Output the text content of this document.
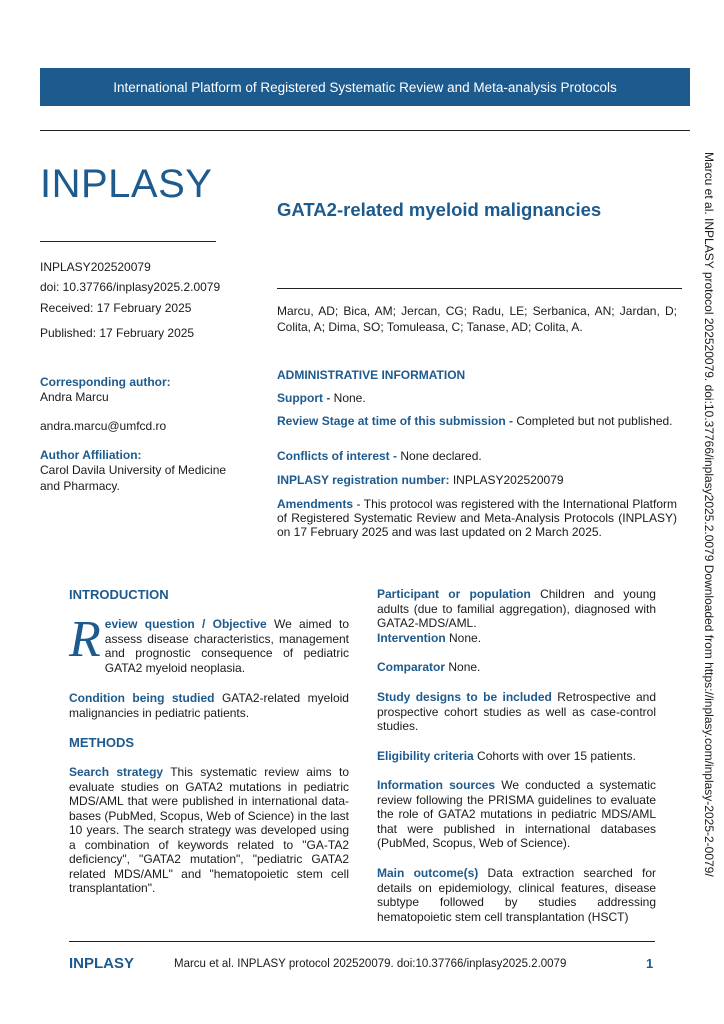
International Platform of Registered Systematic Review and Meta-analysis Protocols
INPLASY
INPLASY202520079
doi: 10.37766/inplasy2025.2.0079
Received: 17 February 2025
Published: 17 February 2025
GATA2-related myeloid malignancies
Marcu, AD; Bica, AM; Jercan, CG; Radu, LE; Serbanica, AN; Jardan, D; Colita, A; Dima, SO; Tomuleasa, C; Tanase, AD; Colita, A.
Corresponding author:
Andra Marcu
andra.marcu@umfcd.ro
Author Affiliation:
Carol Davila University of Medicine and Pharmacy.
ADMINISTRATIVE INFORMATION
Support - None.
Review Stage at time of this submission - Completed but not published.
Conflicts of interest - None declared.
INPLASY registration number: INPLASY202520079
Amendments - This protocol was registered with the International Platform of Registered Systematic Review and Meta-Analysis Protocols (INPLASY) on 17 February 2025 and was last updated on 2 March 2025.
INTRODUCTION
Review question / Objective We aimed to assess disease characteristics, management and prognostic consequence of pediatric GATA2 myeloid neoplasia.
Condition being studied GATA2-related myeloid malignancies in pediatric patients.
METHODS
Search strategy This systematic review aims to evaluate studies on GATA2 mutations in pediatric MDS/AML that were published in international data-bases (PubMed, Scopus, Web of Science) in the last 10 years. The search strategy was developed using a combination of keywords related to "GA-TA2 deficiency", "GATA2 mutation", "pediatric GATA2 related MDS/AML" and "hematopoietic stem cell transplantation".
Participant or population Children and young adults (due to familial aggregation), diagnosed with GATA2-MDS/AML.
Intervention None.
Comparator None.
Study designs to be included Retrospective and prospective cohort studies as well as case-control studies.
Eligibility criteria Cohorts with over 15 patients.
Information sources We conducted a systematic review following the PRISMA guidelines to evaluate the role of GATA2 mutations in pediatric MDS/AML that were published in international databases (PubMed, Scopus, Web of Science).
Main outcome(s) Data extraction searched for details on epidemiology, clinical features, disease subtype followed by studies addressing hematopoietic stem cell transplantation (HSCT)
Marcu et al. INPLASY protocol 202520079. doi:10.37766/inplasy2025.2.0079 Downloaded from https://inplasy.com/inplasy-2025-2-0079/
INPLASY	Marcu et al. INPLASY protocol 202520079. doi:10.37766/inplasy2025.2.0079	1
